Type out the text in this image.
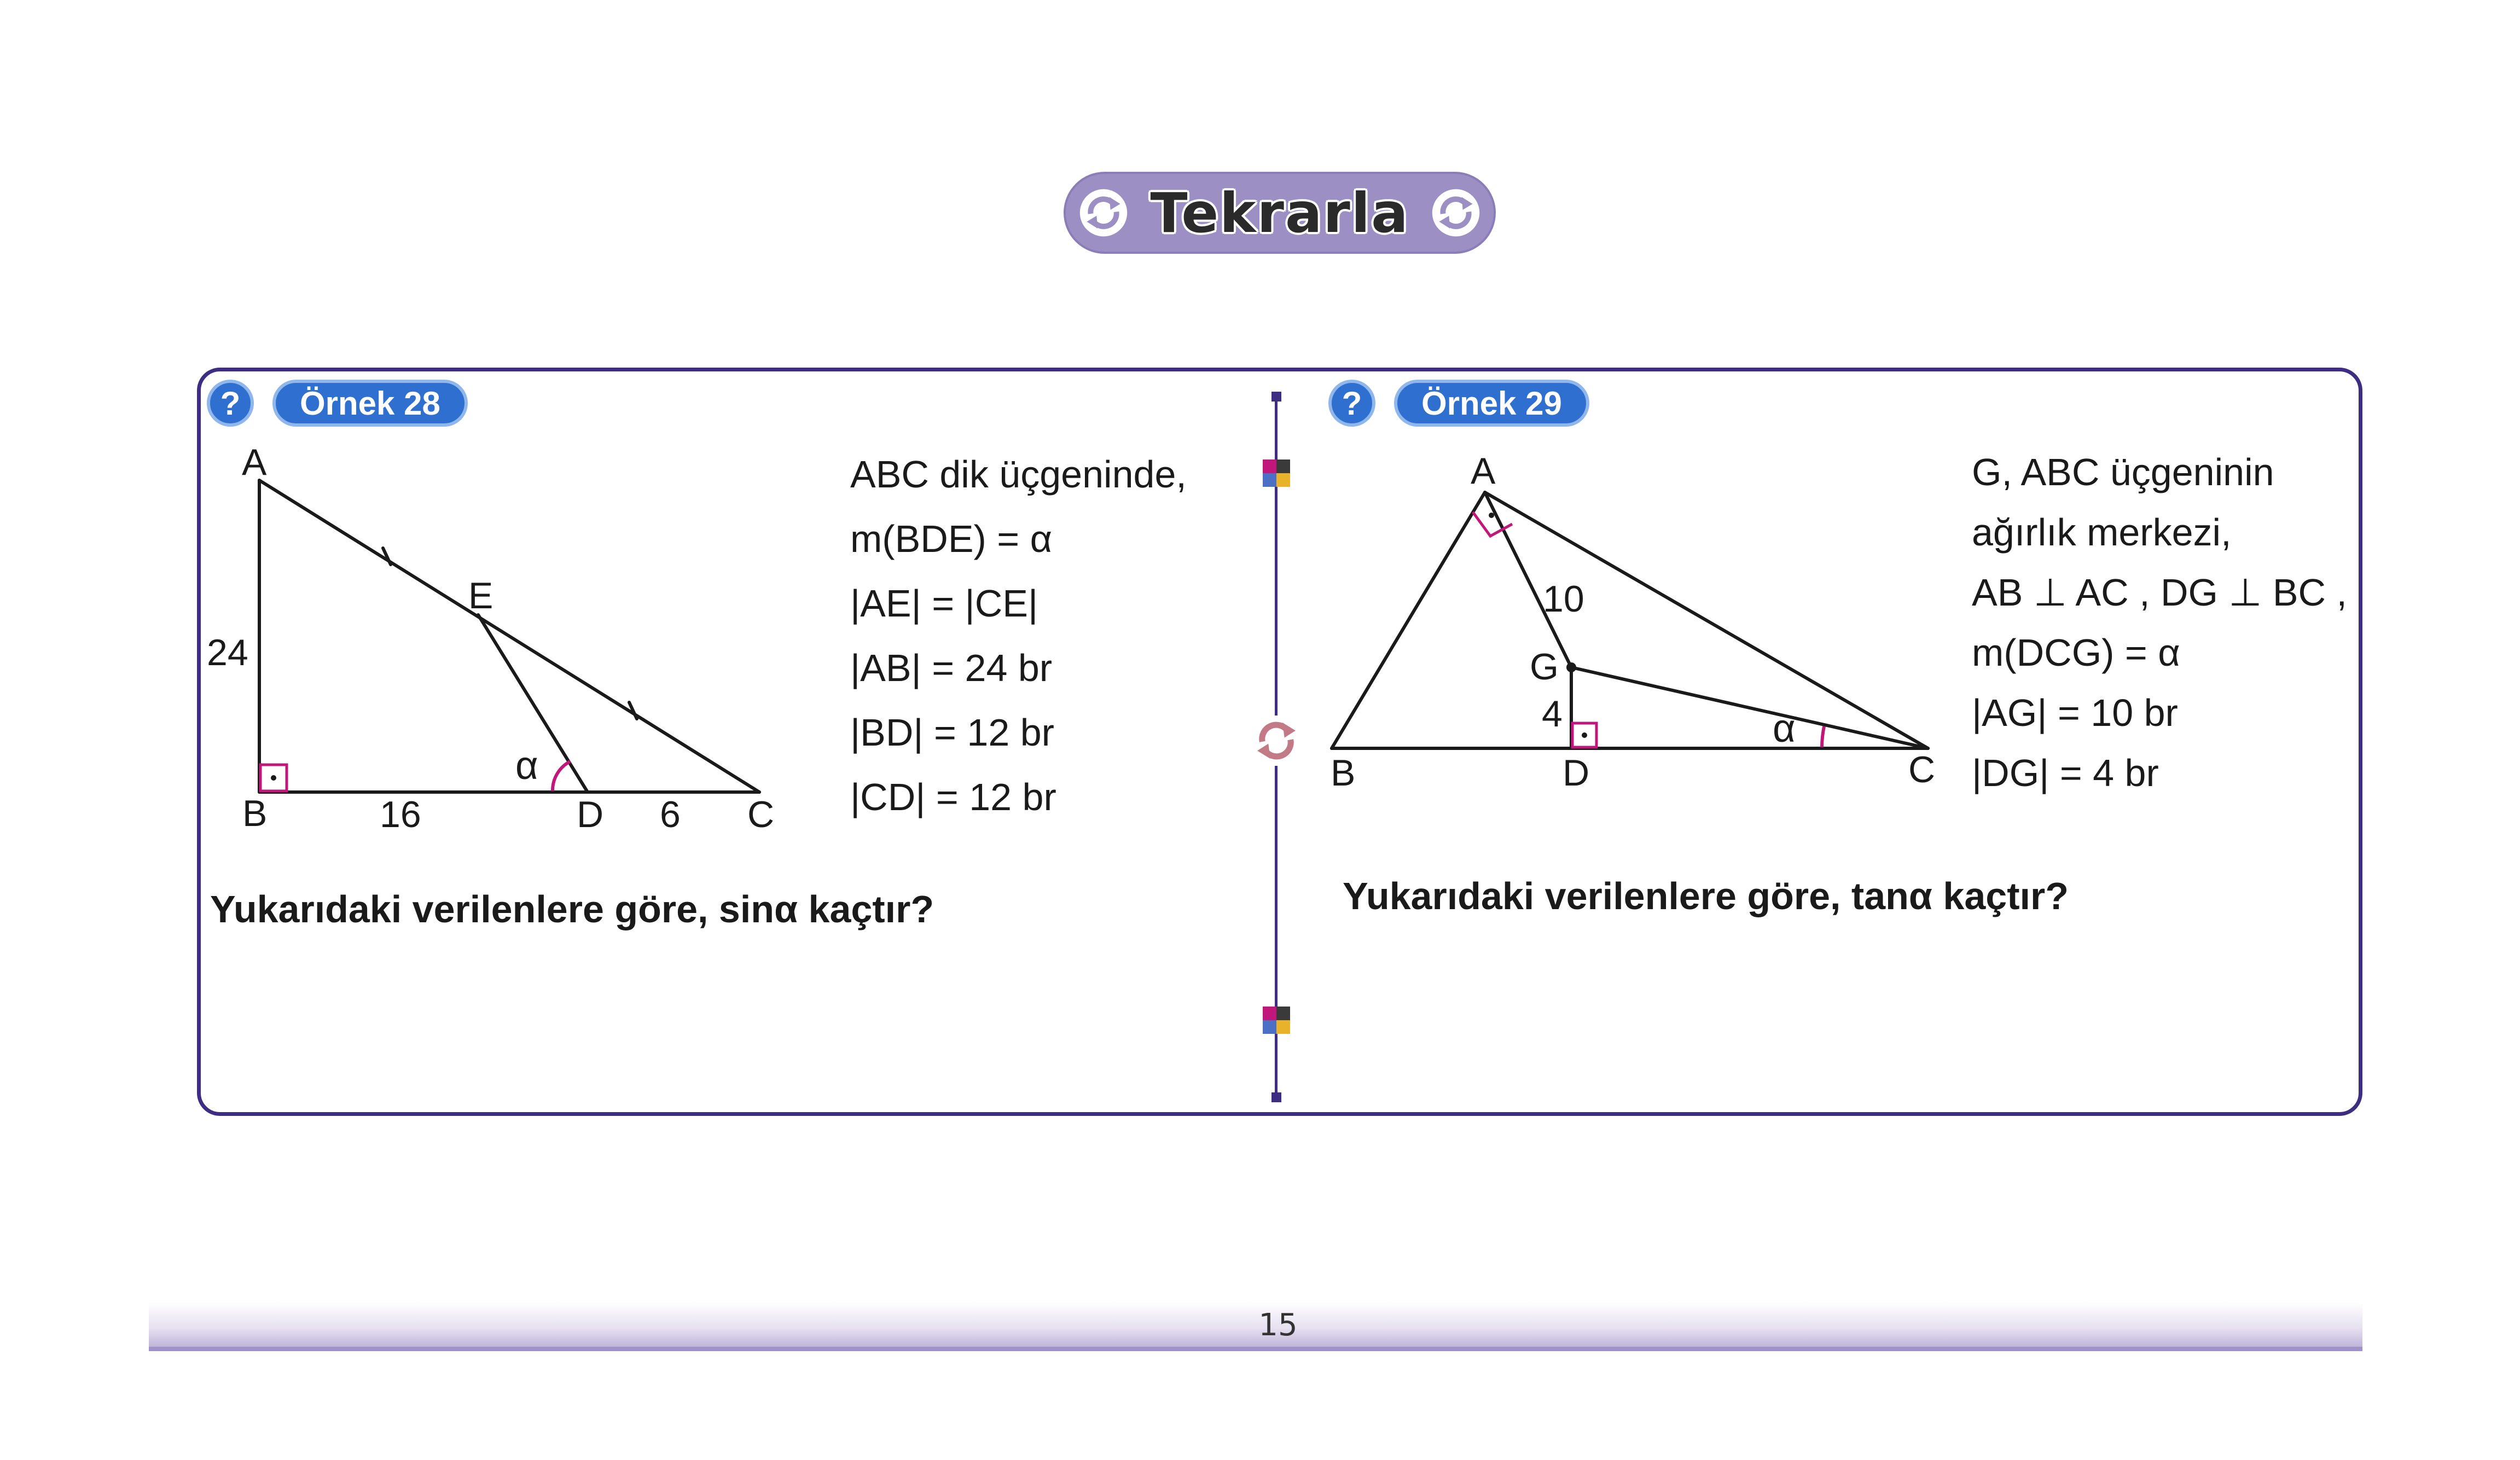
Tekrarla
?	Örnek 28
A
B	C
D
E
24
16	6
α
ABC dik üçgeninde,
m(BDE) = α
|AE| = |CE|
|AB| = 24 br
|BD| = 12 br
|CD| = 12 br
Yukarıdaki verilenlere göre, sinα kaçtır?
?	Örnek 29
A
B	C
D
G
10
4	α
G, ABC üçgeninin
ağırlık merkezi,
AB ⊥ AC , DG ⊥ BC ,
m(DCG) = α
|AG| = 10 br
|DG| = 4 br
Yukarıdaki verilenlere göre, tanα kaçtır?
15
